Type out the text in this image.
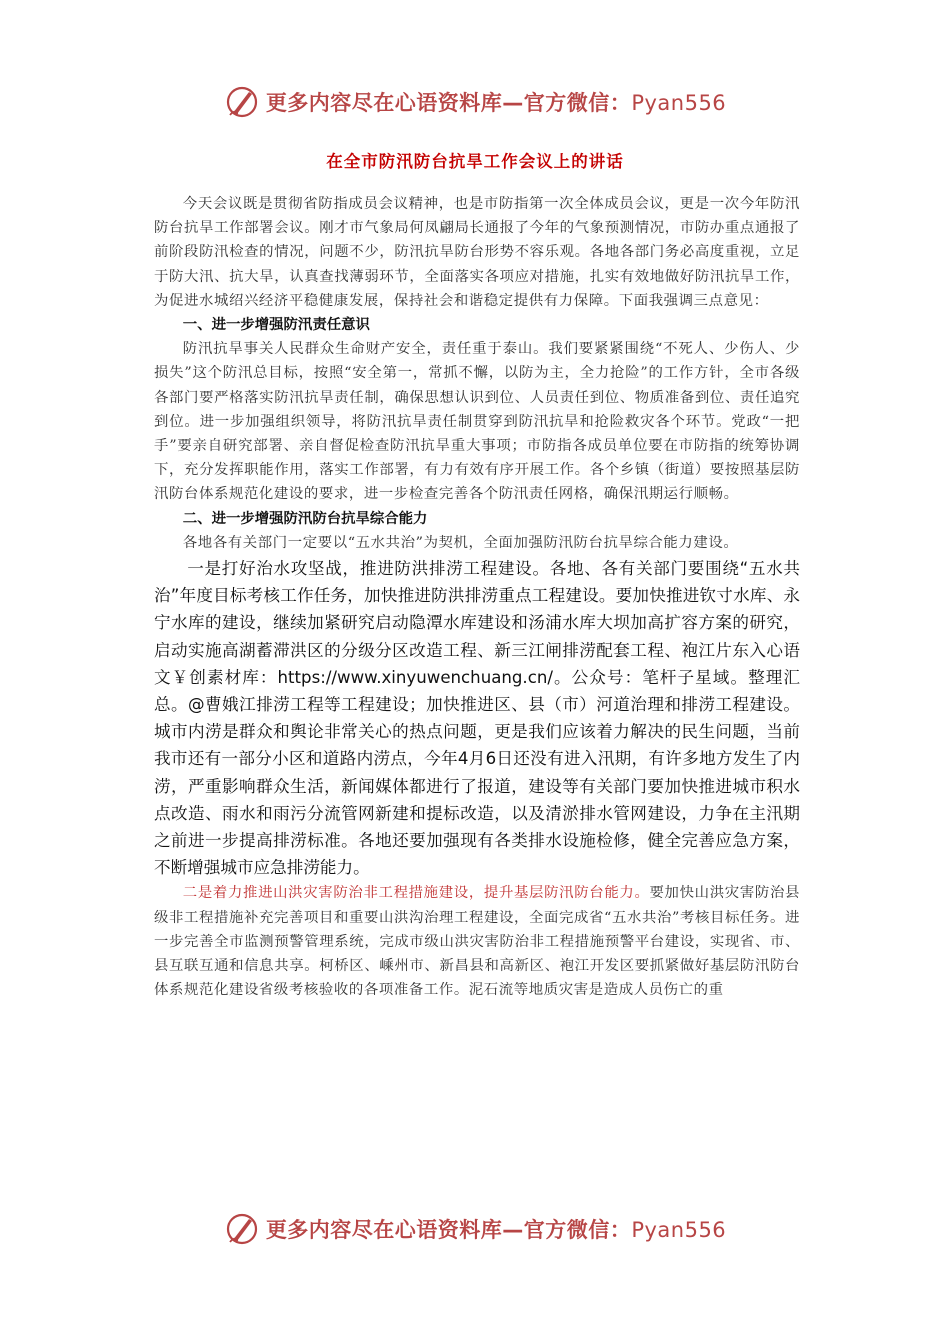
更多内容尽在心语资料库—官方微信：Pyan556
在全市防汛防台抗旱工作会议上的讲话

今天会议既是贯彻省防指成员会议精神，也是市防指第一次全体成员会议，更是一次今年防汛防台抗旱工作部署会议。刚才市气象局何凤翩局长通报了今年的气象预测情况，市防办重点通报了前阶段防汛检查的情况，问题不少，防汛抗旱防台形势不容乐观。各地各部门务必高度重视，立足于防大汛、抗大旱，认真查找薄弱环节，全面落实各项应对措施，扎实有效地做好防汛抗旱工作，为促进水城绍兴经济平稳健康发展，保持社会和谐稳定提供有力保障。下面我强调三点意见：

一、进一步增强防汛责任意识

防汛抗旱事关人民群众生命财产安全，责任重于泰山。我们要紧紧围绕“不死人、少伤人、少损失”这个防汛总目标，按照“安全第一，常抓不懈，以防为主，全力抢险”的工作方针，全市各级各部门要严格落实防汛抗旱责任制，确保思想认识到位、人员责任到位、物质准备到位、责任追究到位。进一步加强组织领导，将防汛抗旱责任制贯穿到防汛抗旱和抢险救灾各个环节。党政“一把手”要亲自研究部署、亲自督促检查防汛抗旱重大事项；市防指各成员单位要在市防指的统筹协调下，充分发挥职能作用，落实工作部署，有力有效有序开展工作。各个乡镇（街道）要按照基层防汛防台体系规范化建设的要求，进一步检查完善各个防汛责任网格，确保汛期运行顺畅。

二、进一步增强防汛防台抗旱综合能力

各地各有关部门一定要以“五水共治”为契机，全面加强防汛防台抗旱综合能力建设。

一是打好治水攻坚战，推进防洪排涝工程建设。各地、各有关部门要围绕“五水共治”年度目标考核工作任务，加快推进防洪排涝重点工程建设。要加快推进钦寸水库、永宁水库的建设，继续加紧研究启动隐潭水库建设和汤浦水库大坝加高扩容方案的研究，启动实施高湖蓄滞洪区的分级分区改造工程、新三江闸排涝配套工程、袍江片东入心语文￥创素材库：https://www.xinyuwenchuang.cn/。公众号：笔杆子星域。整理汇总。@曹娥江排涝工程等工程建设；加快推进区、县（市）河道治理和排涝工程建设。城市内涝是群众和舆论非常关心的热点问题，更是我们应该着力解决的民生问题，当前我市还有一部分小区和道路内涝点，今年4月6日还没有进入汛期，有许多地方发生了内涝，严重影响群众生活，新闻媒体都进行了报道，建设等有关部门要加快推进城市积水点改造、雨水和雨污分流管网新建和提标改造，以及清淤排水管网建设，力争在主汛期之前进一步提高排涝标准。各地还要加强现有各类排水设施检修，健全完善应急方案，不断增强城市应急排涝能力。

二是着力推进山洪灾害防治非工程措施建设，提升基层防汛防台能力。要加快山洪灾害防治县级非工程措施补充完善项目和重要山洪沟治理工程建设，全面完成省“五水共治”考核目标任务。进一步完善全市监测预警管理系统，完成市级山洪灾害防治非工程措施预警平台建设，实现省、市、县互联互通和信息共享。柯桥区、嵊州市、新昌县和高新区、袍江开发区要抓紧做好基层防汛防台体系规范化建设省级考核验收的各项准备工作。泥石流等地质灾害是造成人员伤亡的重

更多内容尽在心语资料库—官方微信：Pyan556
